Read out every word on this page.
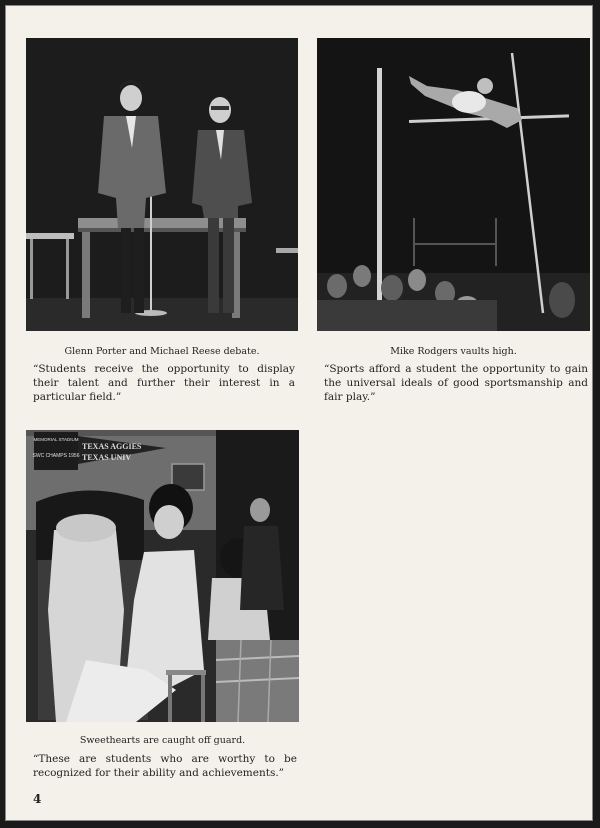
Glenn Porter and Michael Reese debate.
“Students receive the opportunity to display their talent and further their interest in a particular field.”
Mike Rodgers vaults high.
“Sports afford a student the opportunity to gain the universal ideals of good sportsmanship and fair play.”
MEMORIAL STADIUM
SWC CHAMPS 1956
TEXAS AGGIES
TEXAS UNIV
Sweethearts are caught off guard.
“These are students who are worthy to be recognized for their ability and achievements.”
4
